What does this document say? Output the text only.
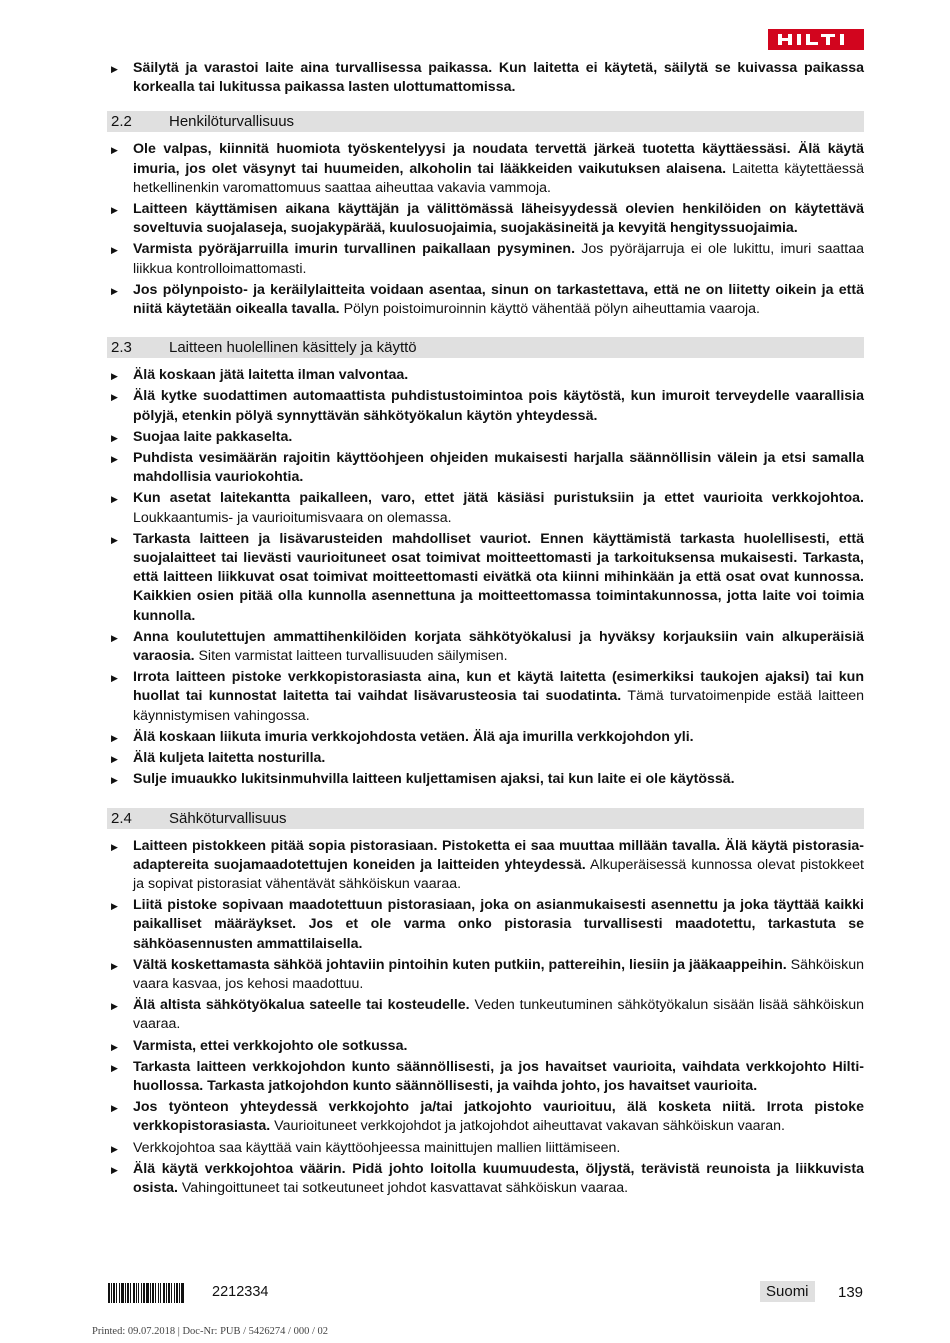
▶ Säilytä ja varastoi laite aina turvallisessa paikassa. Kun laitetta ei käytetä, säilytä se kuivassa paikassa korkealla tai lukitussa paikassa lasten ulottumattomissa.
2.2	Henkilöturvallisuus
▶ Ole valpas, kiinnitä huomiota työskentelyysi ja noudata tervettä järkeä tuotetta käyttäessäsi. Älä käytä imuria, jos olet väsynyt tai huumeiden, alkoholin tai lääkkeiden vaikutuksen alaisena. Laitetta käytettäessä hetkellinenkin varomattomuus saattaa aiheuttaa vakavia vammoja.
▶ Laitteen käyttämisen aikana käyttäjän ja välittömässä läheisyydessä olevien henkilöiden on käytettävä soveltuvia suojalaseja, suojakypärää, kuulosuojaimia, suojakäsineitä ja kevyitä hengityssuojaimia.
▶ Varmista pyöräjarruilla imurin turvallinen paikallaan pysyminen. Jos pyöräjarruja ei ole lukittu, imuri saattaa liikkua kontrolloimattomasti.
▶ Jos pölynpoisto- ja keräilylaitteita voidaan asentaa, sinun on tarkastettava, että ne on liitetty oikein ja että niitä käytetään oikealla tavalla. Pölyn poistoimuroinnin käyttö vähentää pölyn aiheuttamia vaaroja.
2.3	Laitteen huolellinen käsittely ja käyttö
▶ Älä koskaan jätä laitetta ilman valvontaa.
▶ Älä kytke suodattimen automaattista puhdistustoimintoa pois käytöstä, kun imuroit terveydelle vaarallisia pölyjä, etenkin pölyä synnyttävän sähkötyökalun käytön yhteydessä.
▶ Suojaa laite pakkaselta.
▶ Puhdista vesimäärän rajoitin käyttöohjeen ohjeiden mukaisesti harjalla säännöllisin välein ja etsi samalla mahdollisia vauriokohtia.
▶ Kun asetat laitekantta paikalleen, varo, ettet jätä käsiäsi puristuksiin ja ettet vaurioita verkkojohtoa. Loukkaantumis- ja vaurioitumisvaara on olemassa.
▶ Tarkasta laitteen ja lisävarusteiden mahdolliset vauriot. Ennen käyttämistä tarkasta huolellisesti, että suojalaitteet tai lievästi vaurioituneet osat toimivat moitteettomasti ja tarkoituksensa mukaisesti. Tarkasta, että laitteen liikkuvat osat toimivat moitteettomasti eivätkä ota kiinni mihinkään ja että osat ovat kunnossa. Kaikkien osien pitää olla kunnolla asennettuna ja moitteettomassa toimintakunnossa, jotta laite voi toimia kunnolla.
▶ Anna koulutettujen ammattihenkilöiden korjata sähkötyökalusi ja hyväksy korjauksiin vain alkuperäisiä varaosia. Siten varmistat laitteen turvallisuuden säilymisen.
▶ Irrota laitteen pistoke verkkopistorasiasta aina, kun et käytä laitetta (esimerkiksi taukojen ajaksi) tai kun huollat tai kunnostat laitetta tai vaihdat lisävarusteosia tai suodatinta. Tämä turvatoimenpide estää laitteen käynnistymisen vahingossa.
▶ Älä koskaan liikuta imuria verkkojohdosta vetäen. Älä aja imurilla verkkojohdon yli.
▶ Älä kuljeta laitetta nosturilla.
▶ Sulje imuaukko lukitsinmuhvilla laitteen kuljettamisen ajaksi, tai kun laite ei ole käytössä.
2.4	Sähköturvallisuus
▶ Laitteen pistokkeen pitää sopia pistorasiaan. Pistoketta ei saa muuttaa millään tavalla. Älä käytä pistorasia-adaptereita suojamaadotettujen koneiden ja laitteiden yhteydessä. Alkuperäisessä kunnossa olevat pistokkeet ja sopivat pistorasiat vähentävät sähköiskun vaaraa.
▶ Liitä pistoke sopivaan maadotettuun pistorasiaan, joka on asianmukaisesti asennettu ja joka täyttää kaikki paikalliset määräykset. Jos et ole varma onko pistorasia turvallisesti maadotettu, tarkastuta se sähköasennusten ammattilaisella.
▶ Vältä koskettamasta sähköä johtaviin pintoihin kuten putkiin, pattereihin, liesiin ja jääkaappeihin. Sähköiskun vaara kasvaa, jos kehosi maadottuu.
▶ Älä altista sähkötyökalua sateelle tai kosteudelle. Veden tunkeutuminen sähkötyökalun sisään lisää sähköiskun vaaraa.
▶ Varmista, ettei verkkojohto ole sotkussa.
▶ Tarkasta laitteen verkkojohdon kunto säännöllisesti, ja jos havaitset vaurioita, vaihdata verkkojohto Hilti-huollossa. Tarkasta jatkojohdon kunto säännöllisesti, ja vaihda johto, jos havaitset vaurioita.
▶ Jos työnteon yhteydessä verkkojohto ja/tai jatkojohto vaurioituu, älä kosketa niitä. Irrota pistoke verkkopistorasiasta. Vaurioituneet verkkojohdot ja jatkojohdot aiheuttavat vakavan sähköiskun vaaran.
▶ Verkkojohtoa saa käyttää vain käyttöohjeessa mainittujen mallien liittämiseen.
▶ Älä käytä verkkojohtoa väärin. Pidä johto loitolla kuumuudesta, öljystä, terävistä reunoista ja liikkuvista osista. Vahingoittuneet tai sotkeutuneet johdot kasvattavat sähköiskun vaaraa.
2212334	Suomi	139
Printed: 09.07.2018 | Doc-Nr: PUB / 5426274 / 000 / 02
